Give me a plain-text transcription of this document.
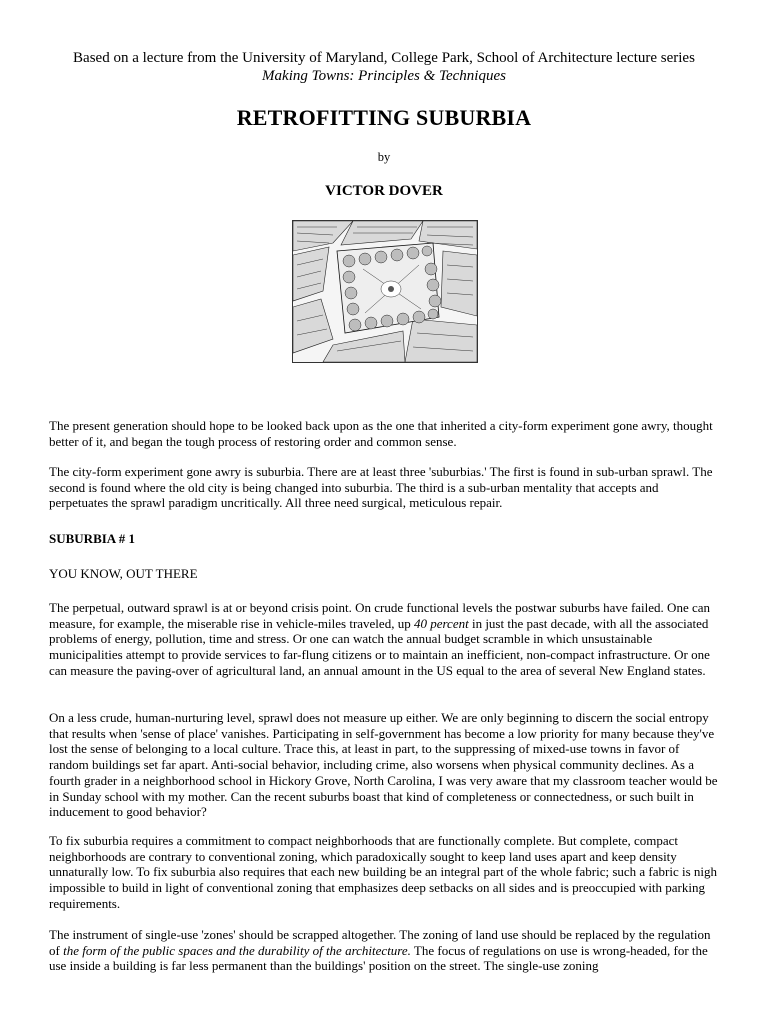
Based on a lecture from the University of Maryland, College Park, School of Architecture lecture series
Making Towns: Principles & Techniques
RETROFITTING SUBURBIA
by
VICTOR DOVER

The present generation should hope to be looked back upon as the one that inherited a city-form experiment gone awry, thought better of it, and began the tough process of restoring order and common sense.

The city-form experiment gone awry is suburbia. There are at least three 'suburbias.' The first is found in sub-urban sprawl. The second is found where the old city is being changed into suburbia. The third is a sub-urban mentality that accepts and perpetuates the sprawl paradigm uncritically. All three need surgical, meticulous repair.

SUBURBIA # 1
YOU KNOW, OUT THERE

The perpetual, outward sprawl is at or beyond crisis point. On crude functional levels the postwar suburbs have failed. One can measure, for example, the miserable rise in vehicle-miles traveled, up 40 percent in just the past decade, with all the associated problems of energy, pollution, time and stress. Or one can watch the annual budget scramble in which unsustainable municipalities attempt to provide services to far-flung citizens or to maintain an inefficient, non-compact infrastructure. Or one can measure the paving-over of agricultural land, an annual amount in the US equal to the area of several New England states.

On a less crude, human-nurturing level, sprawl does not measure up either. We are only beginning to discern the social entropy that results when 'sense of place' vanishes. Participating in self-government has become a low priority for many because they've lost the sense of belonging to a local culture. Trace this, at least in part, to the suppressing of mixed-use towns in favor of random buildings set far apart. Anti-social behavior, including crime, also worsens when physical community declines. As a fourth grader in a neighborhood school in Hickory Grove, North Carolina, I was very aware that my classroom teacher would be in Sunday school with my mother. Can the recent suburbs boast that kind of completeness or connectedness, or such built in inducement to good behavior?

To fix suburbia requires a commitment to compact neighborhoods that are functionally complete. But complete, compact neighborhoods are contrary to conventional zoning, which paradoxically sought to keep land uses apart and keep density unnaturally low. To fix suburbia also requires that each new building be an integral part of the whole fabric; such a fabric is nigh impossible to build in light of conventional zoning that emphasizes deep setbacks on all sides and is preoccupied with parking requirements.

The instrument of single-use 'zones' should be scrapped altogether. The zoning of land use should be replaced by the regulation of the form of the public spaces and the durability of the architecture. The focus of regulations on use is wrong-headed, for the use inside a building is far less permanent than the buildings' position on the street. The single-use zoning
